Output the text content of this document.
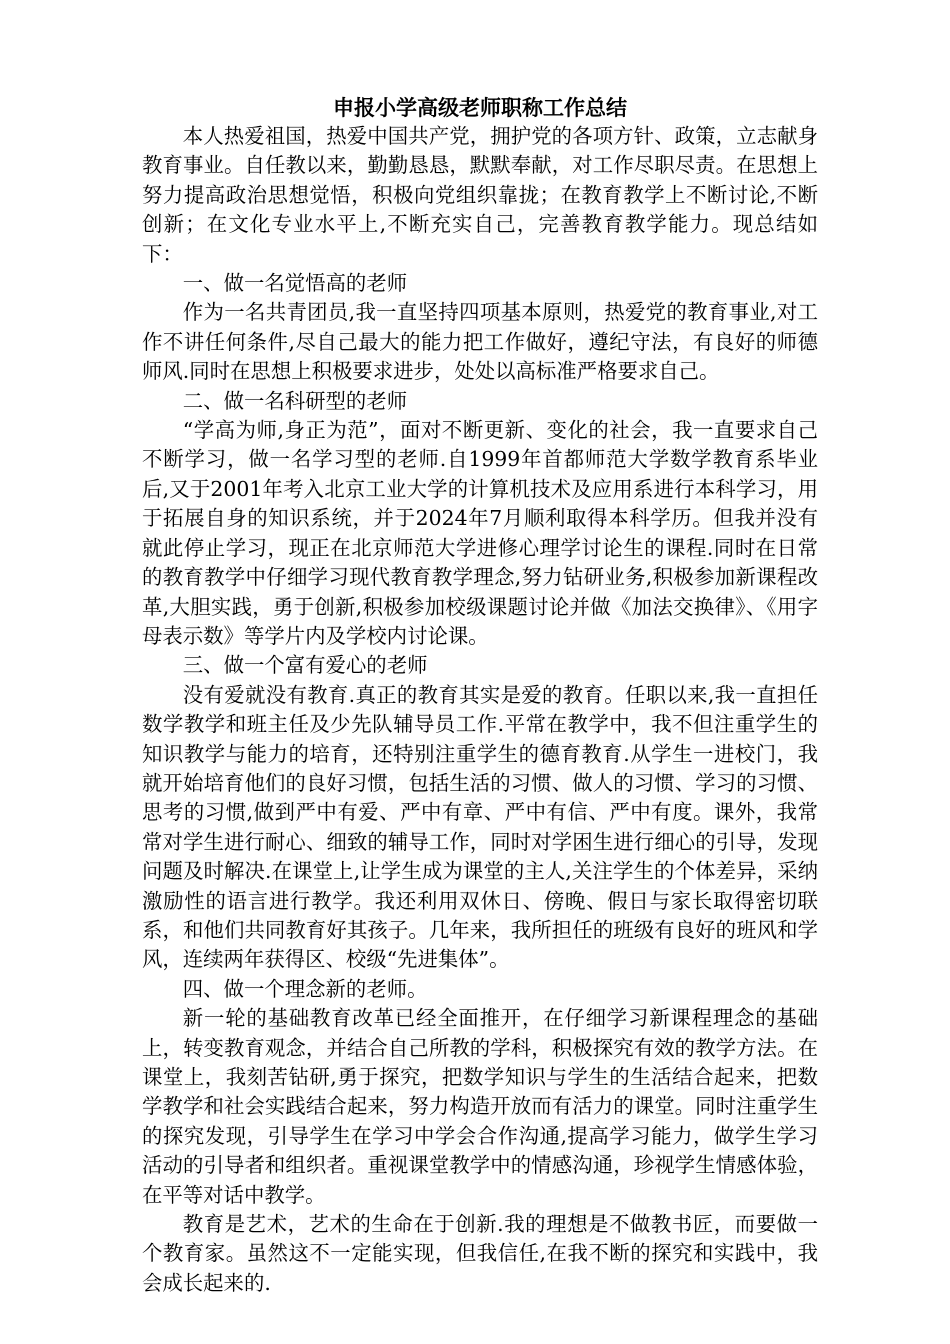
申报小学高级老师职称工作总结

本人热爱祖国，热爱中国共产党，拥护党的各项方针、政策，立志献身教育事业。自任教以来，勤勤恳恳，默默奉献，对工作尽职尽责。在思想上努力提高政治思想觉悟，积极向党组织靠拢；在教育教学上不断讨论,不断创新；在文化专业水平上,不断充实自己，完善教育教学能力。现总结如下：

一、做一名觉悟高的老师

作为一名共青团员,我一直坚持四项基本原则，热爱党的教育事业,对工作不讲任何条件,尽自己最大的能力把工作做好，遵纪守法，有良好的师德师风.同时在思想上积极要求进步，处处以高标准严格要求自己。

二、做一名科研型的老师

“学高为师,身正为范”，面对不断更新、变化的社会，我一直要求自己不断学习，做一名学习型的老师.自1999年首都师范大学数学教育系毕业后,又于2001年考入北京工业大学的计算机技术及应用系进行本科学习，用于拓展自身的知识系统，并于2024年7月顺利取得本科学历。但我并没有就此停止学习，现正在北京师范大学进修心理学讨论生的课程.同时在日常的教育教学中仔细学习现代教育教学理念,努力钻研业务,积极参加新课程改革,大胆实践，勇于创新,积极参加校级课题讨论并做《加法交换律》、《用字母表示数》等学片内及学校内讨论课。

三、做一个富有爱心的老师

没有爱就没有教育.真正的教育其实是爱的教育。任职以来,我一直担任数学教学和班主任及少先队辅导员工作.平常在教学中，我不但注重学生的知识教学与能力的培育，还特别注重学生的德育教育.从学生一进校门，我就开始培育他们的良好习惯，包括生活的习惯、做人的习惯、学习的习惯、思考的习惯,做到严中有爱、严中有章、严中有信、严中有度。课外，我常常对学生进行耐心、细致的辅导工作，同时对学困生进行细心的引导，发现问题及时解决.在课堂上,让学生成为课堂的主人,关注学生的个体差异，采纳激励性的语言进行教学。我还利用双休日、傍晚、假日与家长取得密切联系，和他们共同教育好其孩子。几年来，我所担任的班级有良好的班风和学风，连续两年获得区、校级“先进集体”。

四、做一个理念新的老师。

新一轮的基础教育改革已经全面推开，在仔细学习新课程理念的基础上，转变教育观念，并结合自己所教的学科，积极探究有效的教学方法。在课堂上，我刻苦钻研,勇于探究，把数学知识与学生的生活结合起来，把数学教学和社会实践结合起来，努力构造开放而有活力的课堂。同时注重学生的探究发现，引导学生在学习中学会合作沟通,提高学习能力，做学生学习活动的引导者和组织者。重视课堂教学中的情感沟通，珍视学生情感体验，在平等对话中教学。

教育是艺术，艺术的生命在于创新.我的理想是不做教书匠，而要做一个教育家。虽然这不一定能实现，但我信任,在我不断的探究和实践中，我会成长起来的.
